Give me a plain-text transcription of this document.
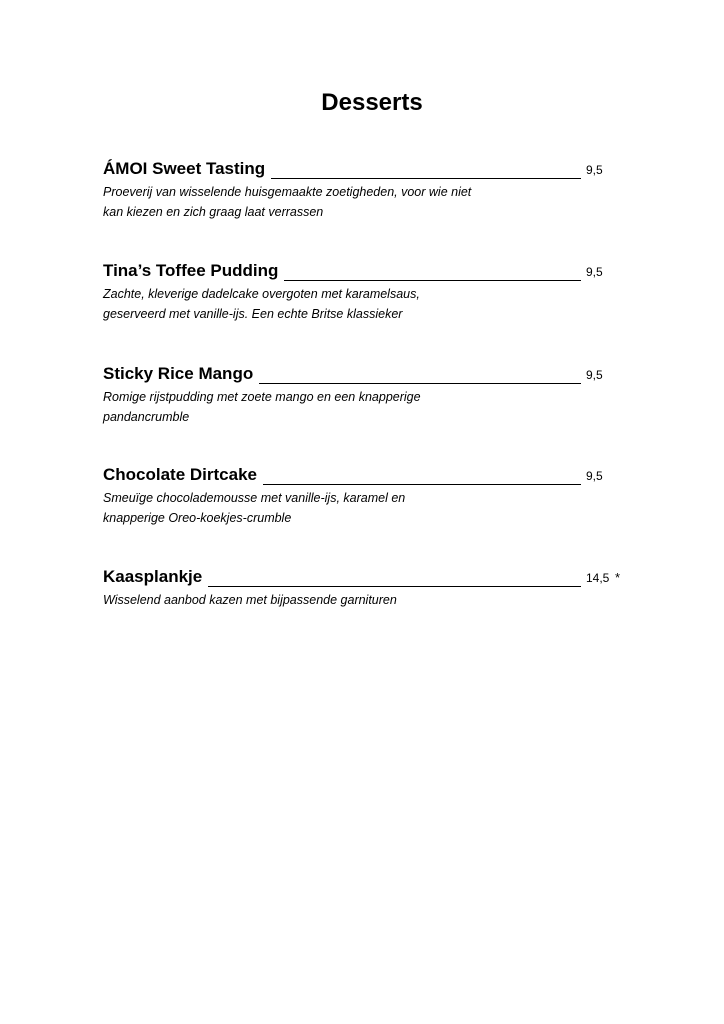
Desserts
ÁMOI Sweet Tasting	9,5
Proeverij van wisselende huisgemaakte zoetigheden, voor wie niet
kan kiezen en zich graag laat verrassen
Tina’s Toffee Pudding	9,5
Zachte, kleverige dadelcake overgoten met karamelsaus,
geserveerd met vanille-ijs. Een echte Britse klassieker
Sticky Rice Mango	9,5
Romige rijstpudding met zoete mango en een knapperige
pandancrumble
Chocolate Dirtcake	9,5
Smeuïge chocolademousse met vanille-ijs, karamel en
knapperige Oreo-koekjes-crumble
Kaasplankje	14,5 *
Wisselend aanbod kazen met bijpassende garnituren
